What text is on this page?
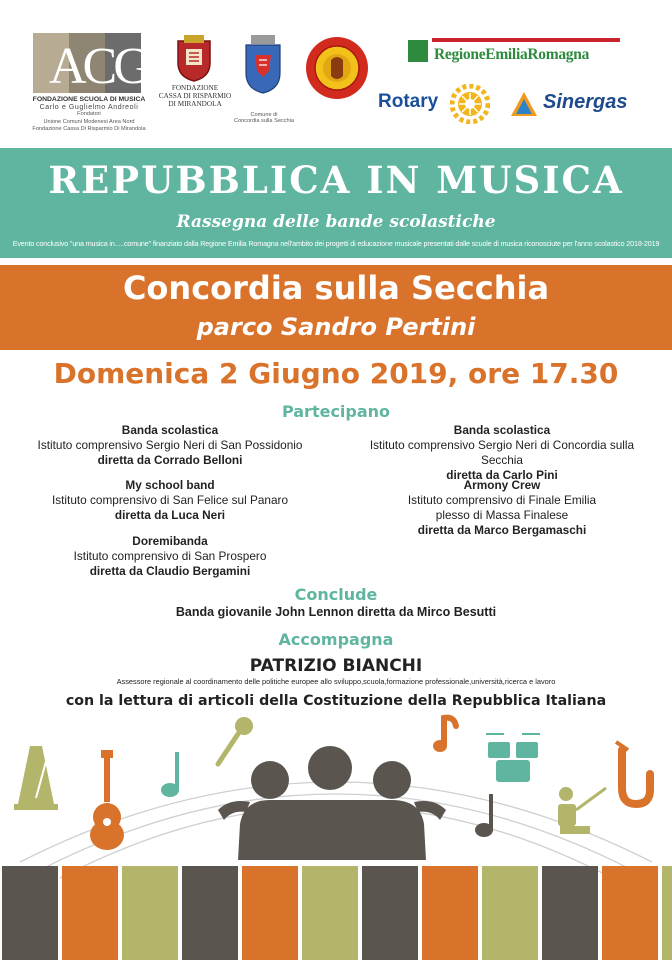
ACG
FONDAZIONE SCUOLA DI MUSICA
Carlo e Guglielmo Andreoli
Fondatori
Unione Comuni Modenesi Area Nord
Fondazione Cassa Di Risparmio Di Mirandola
FONDAZIONE
CASSA DI RISPARMIO
DI MIRANDOLA
Comune di
Concordia sulla Secchia
RegioneEmiliaRomagna
Rotary	Sinergas
REPUBBLICA IN MUSICA
Rassegna delle bande scolastiche
Evento conclusivo "una musica in.....comune" finanziato dalla Regione Emilia Romagna nell'ambito dei progetti di educazione musicale presentati dalle scuole di musica riconosciute per l'anno scolastico 2018-2019
Concordia sulla Secchia
parco Sandro Pertini
Domenica 2 Giugno 2019, ore 17.30
Partecipano
Banda scolastica
Istituto comprensivo Sergio Neri di San Possidonio
diretta da Corrado Belloni
My school band
Istituto comprensivo di San Felice sul Panaro
diretta da Luca Neri
Doremibanda
Istituto comprensivo di San Prospero
diretta da Claudio Bergamini
Banda scolastica
Istituto comprensivo Sergio Neri di Concordia sulla Secchia
diretta da Carlo Pini
Armony Crew
Istituto comprensivo di Finale Emilia
plesso di Massa Finalese
diretta da Marco Bergamaschi
Conclude
Banda giovanile John Lennon diretta da Mirco Besutti
Accompagna
PATRIZIO BIANCHI
Assessore regionale al coordinamento delle politiche europee allo sviluppo,scuola,formazione professionale,università,ricerca e lavoro
con la lettura di articoli della Costituzione della Repubblica Italiana
